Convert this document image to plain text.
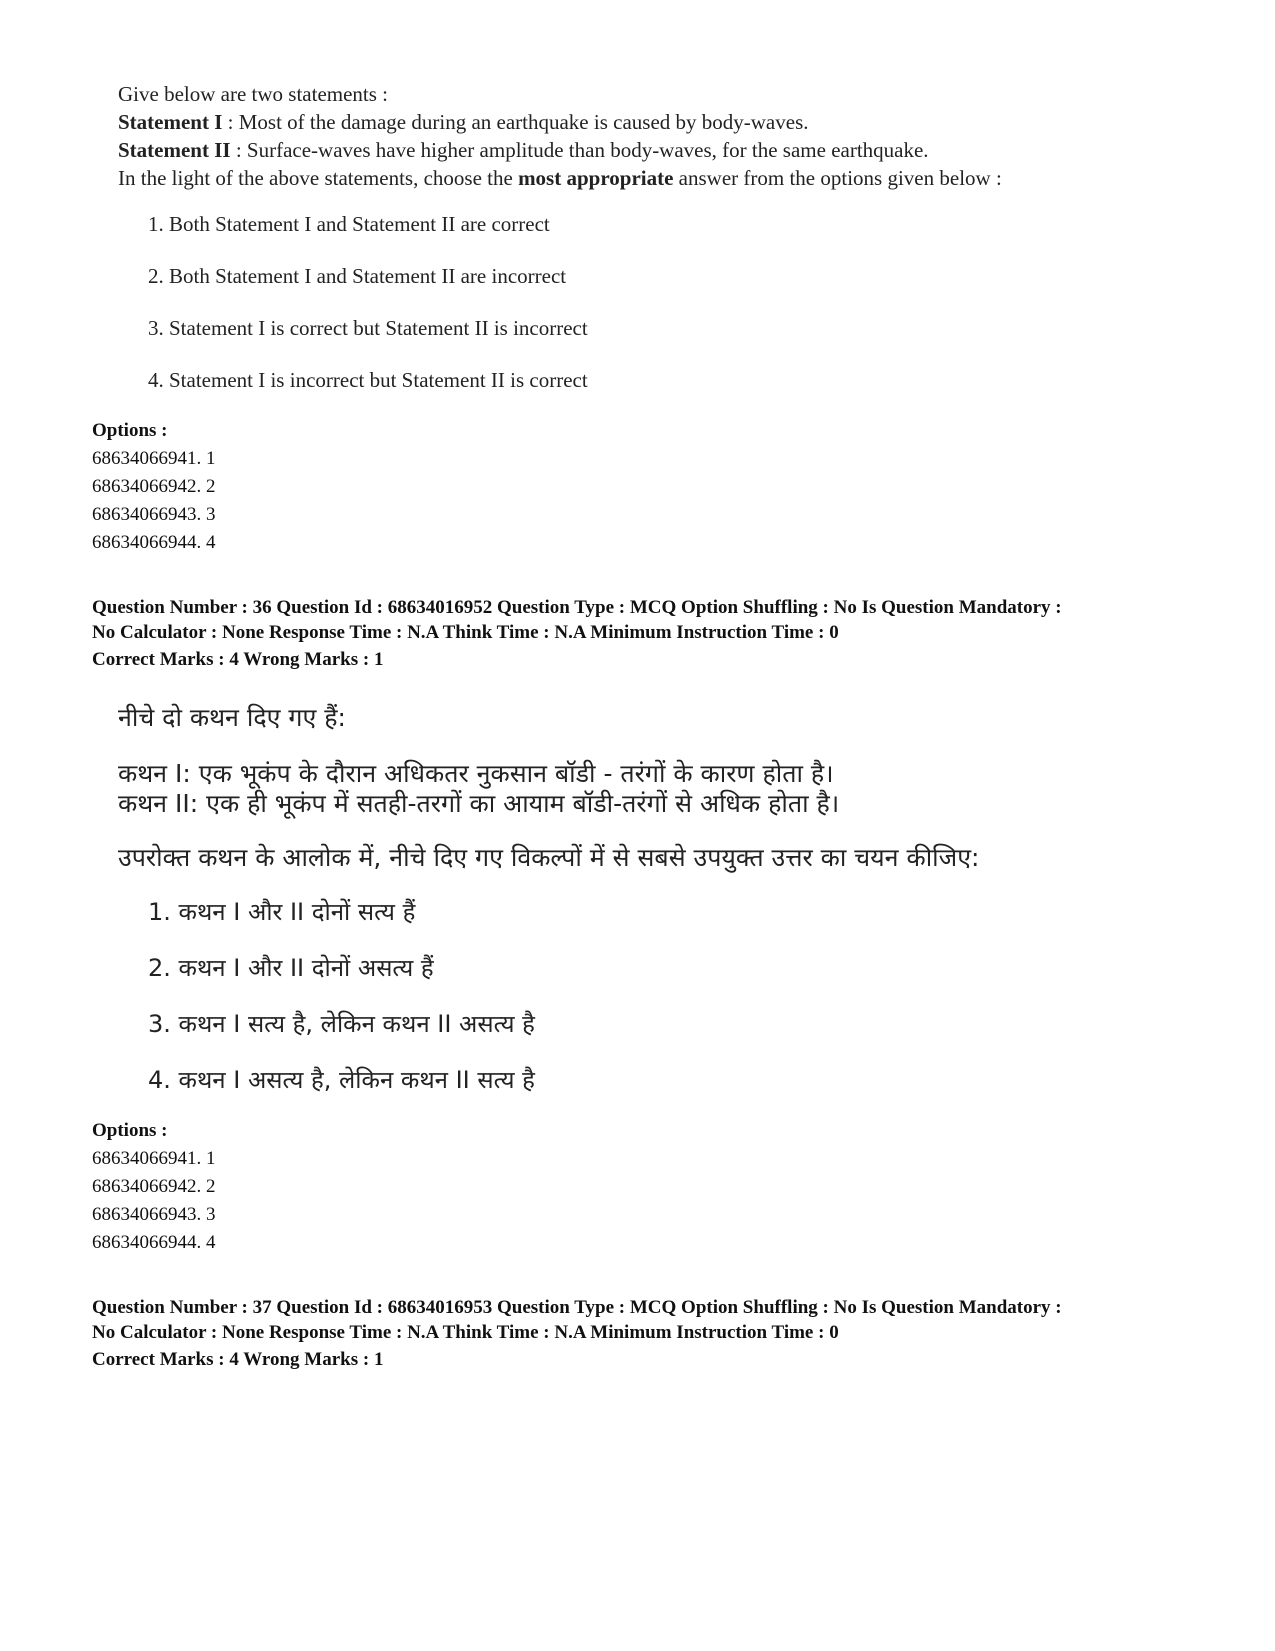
Give below are two statements :
Statement I : Most of the damage during an earthquake is caused by body-waves.
Statement II : Surface-waves have higher amplitude than body-waves, for the same earthquake.
In the light of the above statements, choose the most appropriate answer from the options given below :
1. Both Statement I and Statement II are correct
2. Both Statement I and Statement II are incorrect
3. Statement I is correct but Statement II is incorrect
4. Statement I is incorrect but Statement II is correct
Options :
68634066941. 1
68634066942. 2
68634066943. 3
68634066944. 4
Question Number : 36 Question Id : 68634016952 Question Type : MCQ Option Shuffling : No Is Question Mandatory :
No Calculator : None Response Time : N.A Think Time : N.A Minimum Instruction Time : 0
Correct Marks : 4 Wrong Marks : 1
नीचे दो कथन दिए गए हैं:
कथन I: एक भूकंप के दौरान अधिकतर नुकसान बॉडी - तरंगों के कारण होता है।
कथन II: एक ही भूकंप में सतही-तरगों का आयाम बॉडी-तरंगों से अधिक होता है।
उपरोक्त कथन के आलोक में, नीचे दिए गए विकल्पों में से सबसे उपयुक्त उत्तर का चयन कीजिए:
1. कथन I और II दोनों सत्य हैं
2. कथन I और II दोनों असत्य हैं
3. कथन I सत्य है, लेकिन कथन II असत्य है
4. कथन I असत्य है, लेकिन कथन II सत्य है
Options :
68634066941. 1
68634066942. 2
68634066943. 3
68634066944. 4
Question Number : 37 Question Id : 68634016953 Question Type : MCQ Option Shuffling : No Is Question Mandatory :
No Calculator : None Response Time : N.A Think Time : N.A Minimum Instruction Time : 0
Correct Marks : 4 Wrong Marks : 1
